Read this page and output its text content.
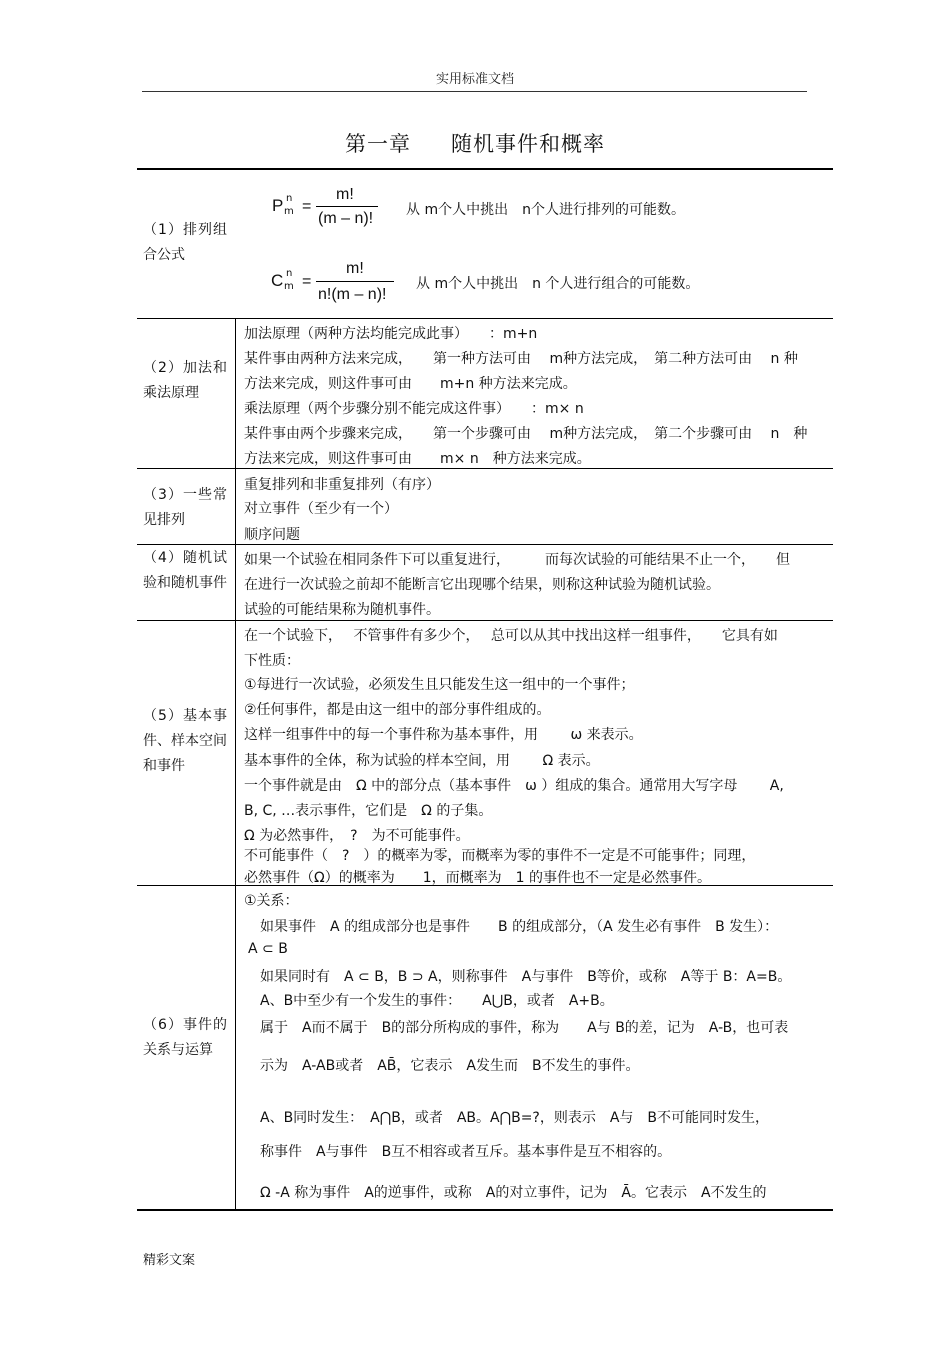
实用标准文档
第一章 随机事件和概率
（1）排列组合公式
P n
m =
m!
(m – n)! 从 m个人中挑出　n个人进行排列的可能数。
C n
m =
m!
n!(m – n)!
从 m个人中挑出　n 个人进行组合的可能数。
（2）加法和乘法原理
加法原理（两种方法均能完成此事）　　：m+n
某件事由两种方法来完成，　　第一种方法可由　 m种方法完成，　第二种方法可由　 n 种
方法来完成，则这件事可由　　m+n 种方法来完成。
乘法原理（两个步骤分别不能完成这件事）　　：m× n
某件事由两个步骤来完成，　　第一个步骤可由　 m种方法完成，　第二个步骤可由　 n　种
方法来完成，则这件事可由　　m× n　种方法来完成。
（3）一些常见排列
重复排列和非重复排列（有序）
对立事件（至少有一个）
顺序问题
（4）随机试验和随机事件
如果一个试验在相同条件下可以重复进行，　　　而每次试验的可能结果不止一个，　　但
在进行一次试验之前却不能断言它出现哪个结果，则称这种试验为随机试验。
试验的可能结果称为随机事件。
（5）基本事件、样本空间和事件
在一个试验下，　 不管事件有多少个，　 总可以从其中找出这样一组事件，　　它具有如
下性质：
①每进行一次试验，必须发生且只能发生这一组中的一个事件；
②任何事件，都是由这一组中的部分事件组成的。
这样一组事件中的每一个事件称为基本事件，用　　 ω 来表示。
基本事件的全体，称为试验的样本空间，用　　 Ω 表示。
一个事件就是由　Ω 中的部分点（基本事件　ω ）组成的集合。通常用大写字母　　 A,
B, C, …表示事件，它们是　Ω 的子集。
Ω 为必然事件，　?　为不可能事件。
不可能事件（　?　）的概率为零，而概率为零的事件不一定是不可能事件；同理，
必然事件（Ω）的概率为　　1，而概率为　1 的事件也不一定是必然事件。
（6）事件的关系与运算
①关系：
如果事件　A 的组成部分也是事件　　B 的组成部分，（A 发生必有事件　B 发生）：
A ⊂ B
如果同时有　A ⊂ B，B ⊃ A，则称事件　A与事件　B等价，或称　A等于 B：A=B。
A、B中至少有一个发生的事件：　　A⋃B，或者　A+B。
属于　A而不属于　B的部分所构成的事件，称为　　A与 B的差，记为　A-B，也可表
示为　A-AB或者　AB̄，它表示　A发生而　B不发生的事件。
A、B同时发生：　A⋂B，或者　AB。A⋂B=?，则表示　A与　B不可能同时发生，
称事件　A与事件　B互不相容或者互斥。基本事件是互不相容的。
Ω -A 称为事件　A的逆事件，或称　A的对立事件，记为　Ā。它表示　A不发生的
精彩文案
